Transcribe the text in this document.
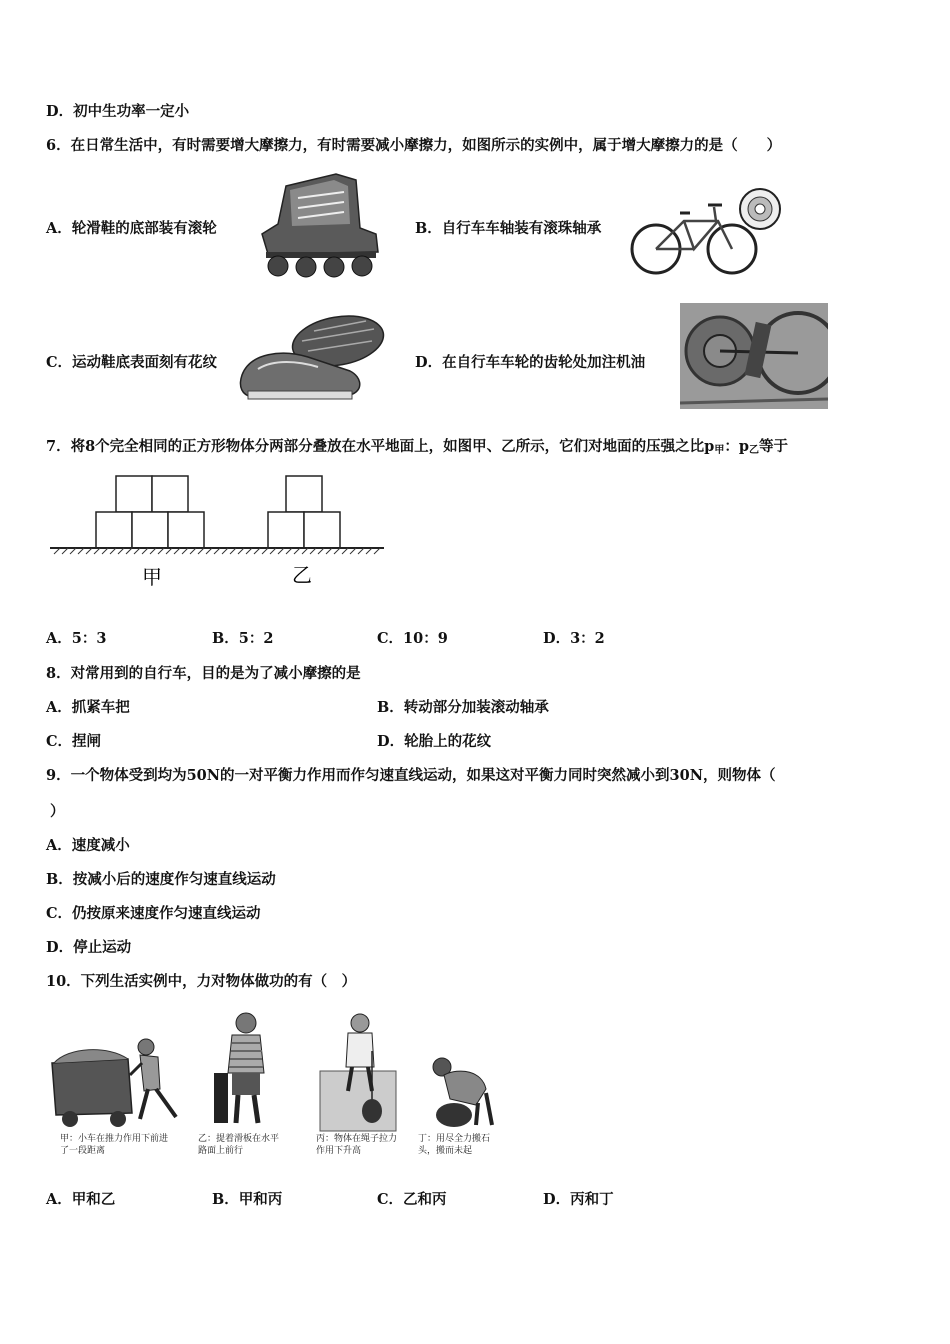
D．初中生功率一定小
6．在日常生活中，有时需要增大摩擦力，有时需要减小摩擦力，如图所示的实例中，属于增大摩擦力的是（　　）
A．轮滑鞋的底部装有滚轮	B．自行车车轴装有滚珠轴承
C．运动鞋底表面刻有花纹	D．在自行车车轮的齿轮处加注机油
7．将8个完全相同的正方形物体分两部分叠放在水平地面上，如图甲、乙所示，它们对地面的压强之比$p_甲$：$p_乙$等于
甲	乙
A．5：3	B．5：2	C．10：9	D．3：2
8．对常用到的自行车，目的是为了减小摩擦的是
A．抓紧车把	B．转动部分加装滚动轴承
C．捏闸	D．轮胎上的花纹
9．一个物体受到均为50N的一对平衡力作用而作匀速直线运动，如果这对平衡力同时突然减小到30N，则物体（
）
A．速度减小
B．按减小后的速度作匀速直线运动
C．仍按原来速度作匀速直线运动
D．停止运动
10．下列生活实例中，力对物体做功的有（　）
甲：小车在推力作用下前进了一段距离
乙：提着滑板在水平路面上前行
丙：物体在绳子拉力作用下升高
丁：用尽全力搬石头，搬而未起
A．甲和乙	B．甲和丙	C．乙和丙	D．丙和丁
